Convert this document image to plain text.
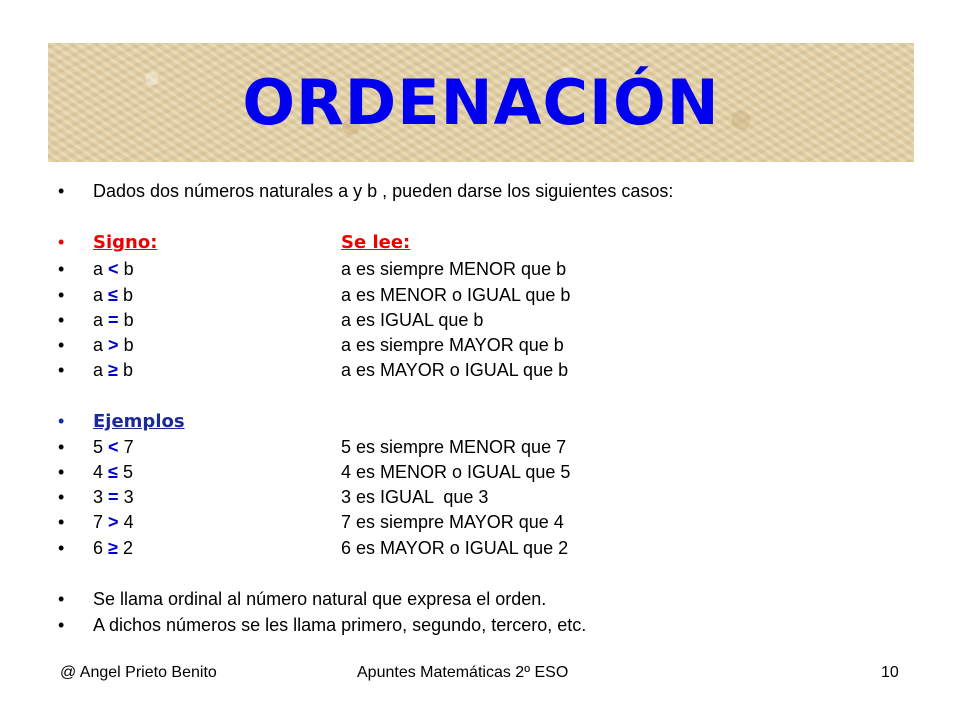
ORDENACIÓN
•	Dados dos números naturales a y b , pueden darse los siguientes casos:
•	Signo:	Se lee:
•	a < b	a es siempre MENOR que b
•	a ≤ b	a es MENOR o IGUAL que b
•	a = b	a es IGUAL que b
•	a > b	a es siempre MAYOR que b
•	a ≥ b	a es MAYOR o IGUAL que b
•	Ejemplos
•	5 < 7	5 es siempre MENOR que 7
•	4 ≤ 5	4 es MENOR o IGUAL que 5
•	3 = 3	3 es IGUAL  que 3
•	7 > 4	7 es siempre MAYOR que 4
•	6 ≥ 2	6 es MAYOR o IGUAL que 2
•	Se llama ordinal al número natural que expresa el orden.
•	A dichos números se les llama primero, segundo, tercero, etc.
@ Angel Prieto Benito	Apuntes Matemáticas 2º ESO	10
